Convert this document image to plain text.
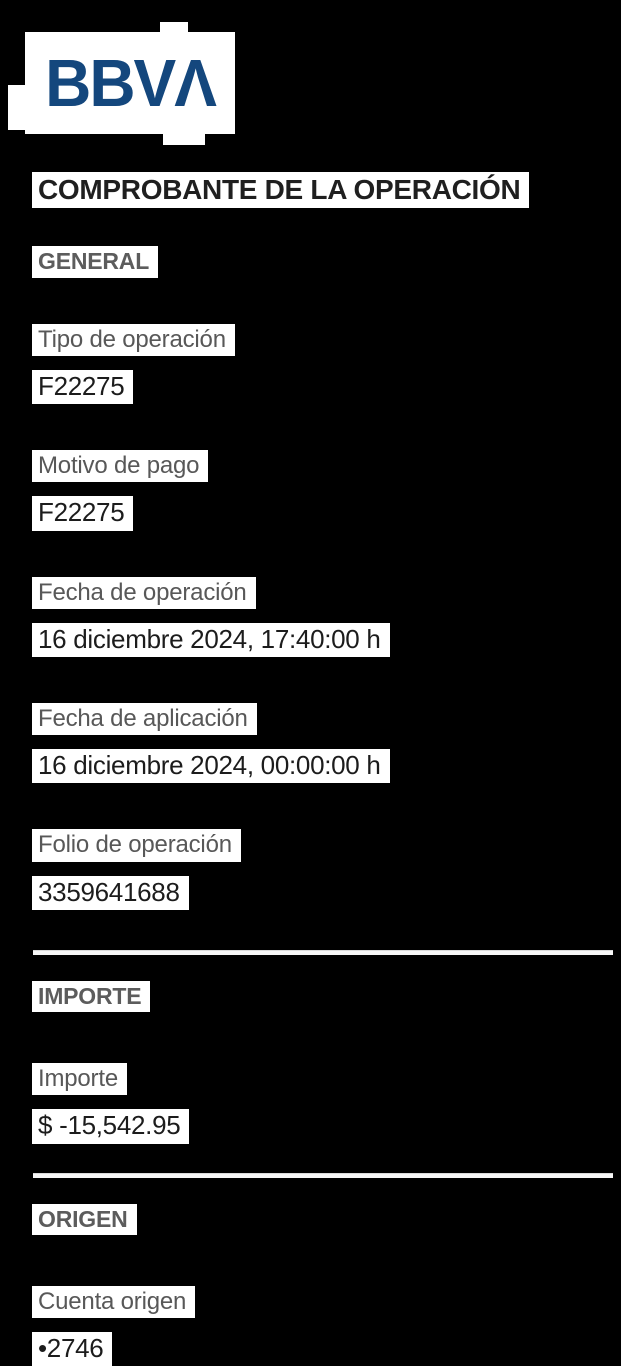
BBVΛ
COMPROBANTE DE LA OPERACIÓN
GENERAL
Tipo de operación
F22275
Motivo de pago
F22275
Fecha de operación
16 diciembre 2024, 17:40:00 h
Fecha de aplicación
16 diciembre 2024, 00:00:00 h
Folio de operación
3359641688
IMPORTE
Importe
$ -15,542.95
ORIGEN
Cuenta origen
•2746
